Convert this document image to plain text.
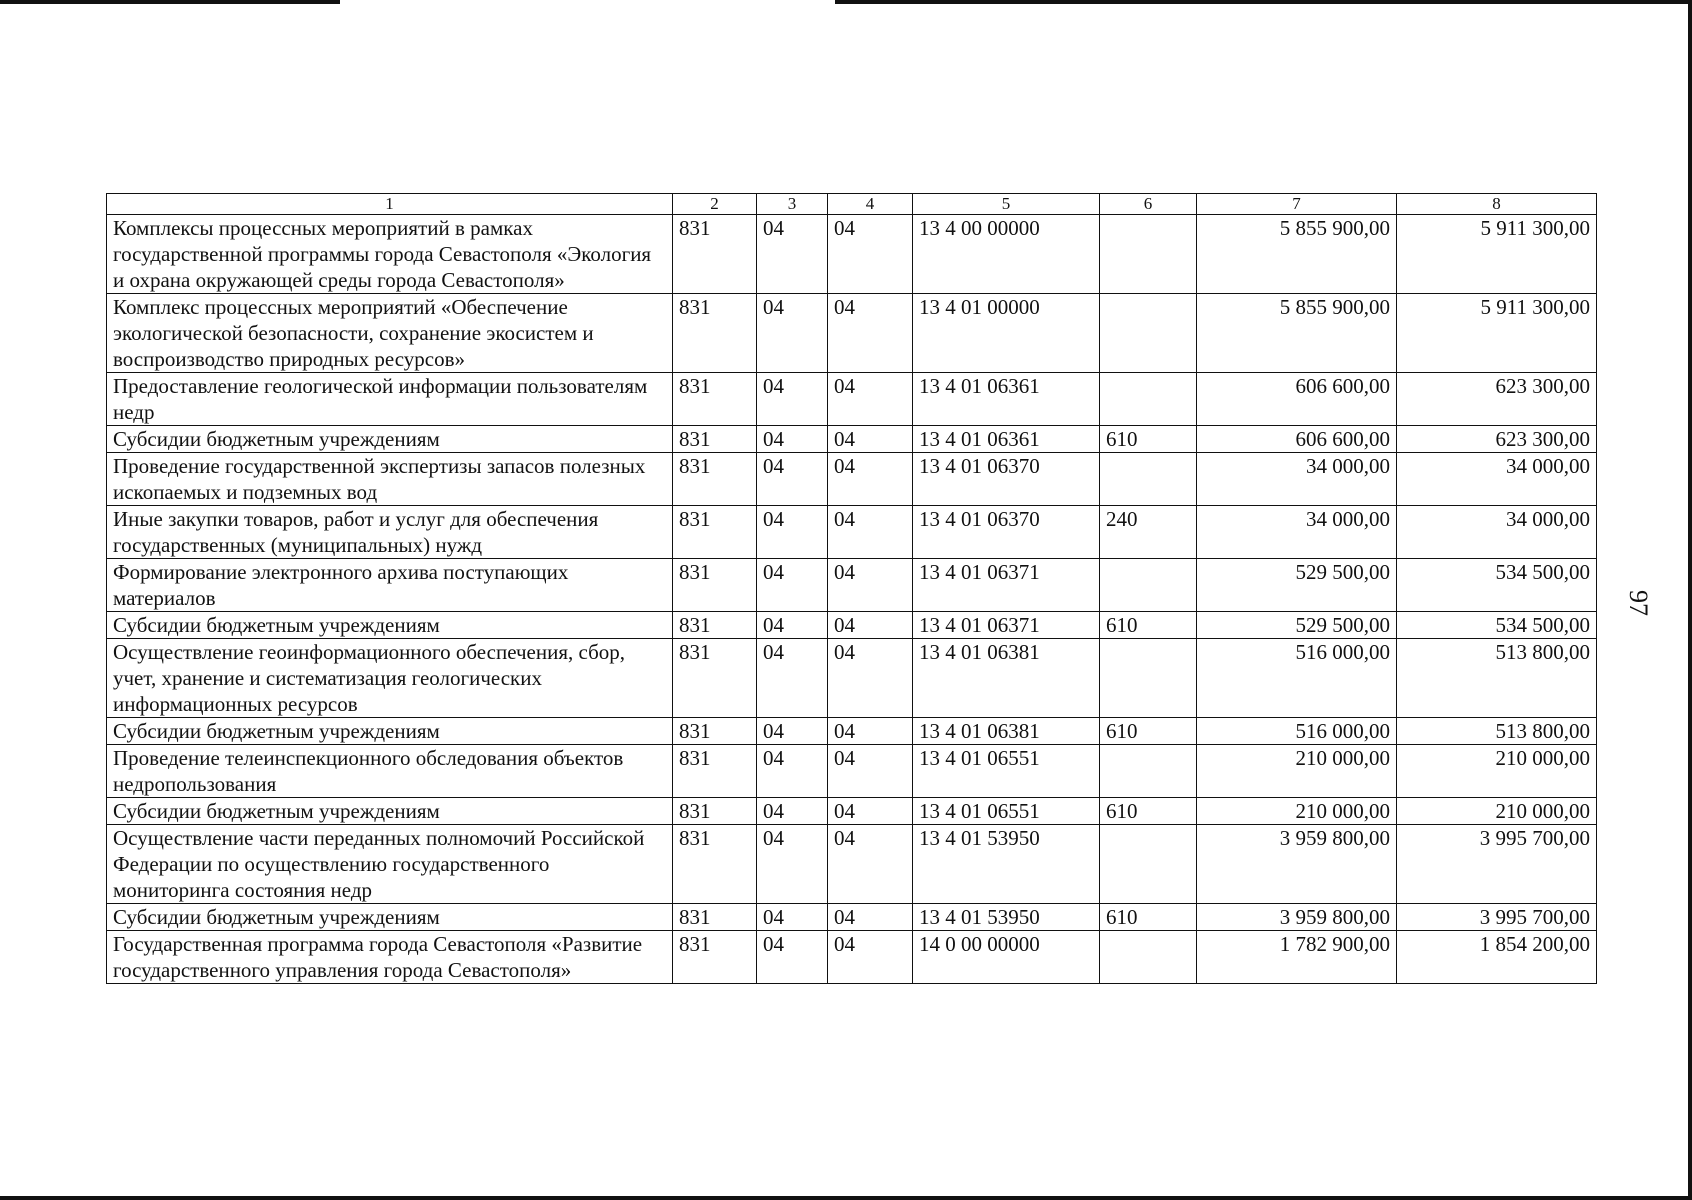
97
1	2	3	4	5	6	7	8
Комплексы процессных мероприятий в рамках государственной программы города Севастополя «Экология и охрана окружающей среды города Севастополя»	831	04	04	13 4 00 00000		5 855 900,00	5 911 300,00
Комплекс процессных мероприятий «Обеспечение экологической безопасности, сохранение экосистем и воспроизводство природных ресурсов»	831	04	04	13 4 01 00000		5 855 900,00	5 911 300,00
Предоставление геологической информации пользователям недр	831	04	04	13 4 01 06361		606 600,00	623 300,00
Субсидии бюджетным учреждениям	831	04	04	13 4 01 06361	610	606 600,00	623 300,00
Проведение государственной экспертизы запасов полезных ископаемых и подземных вод	831	04	04	13 4 01 06370		34 000,00	34 000,00
Иные закупки товаров, работ и услуг для обеспечения государственных (муниципальных) нужд	831	04	04	13 4 01 06370	240	34 000,00	34 000,00
Формирование электронного архива поступающих материалов	831	04	04	13 4 01 06371		529 500,00	534 500,00
Субсидии бюджетным учреждениям	831	04	04	13 4 01 06371	610	529 500,00	534 500,00
Осуществление геоинформационного обеспечения, сбор, учет, хранение и систематизация геологических информационных ресурсов	831	04	04	13 4 01 06381		516 000,00	513 800,00
Субсидии бюджетным учреждениям	831	04	04	13 4 01 06381	610	516 000,00	513 800,00
Проведение телеинспекционного обследования объектов недропользования	831	04	04	13 4 01 06551		210 000,00	210 000,00
Субсидии бюджетным учреждениям	831	04	04	13 4 01 06551	610	210 000,00	210 000,00
Осуществление части переданных полномочий Российской Федерации по осуществлению государственного мониторинга состояния недр	831	04	04	13 4 01 53950		3 959 800,00	3 995 700,00
Субсидии бюджетным учреждениям	831	04	04	13 4 01 53950	610	3 959 800,00	3 995 700,00
Государственная программа города Севастополя «Развитие государственного управления города Севастополя»	831	04	04	14 0 00 00000		1 782 900,00	1 854 200,00
